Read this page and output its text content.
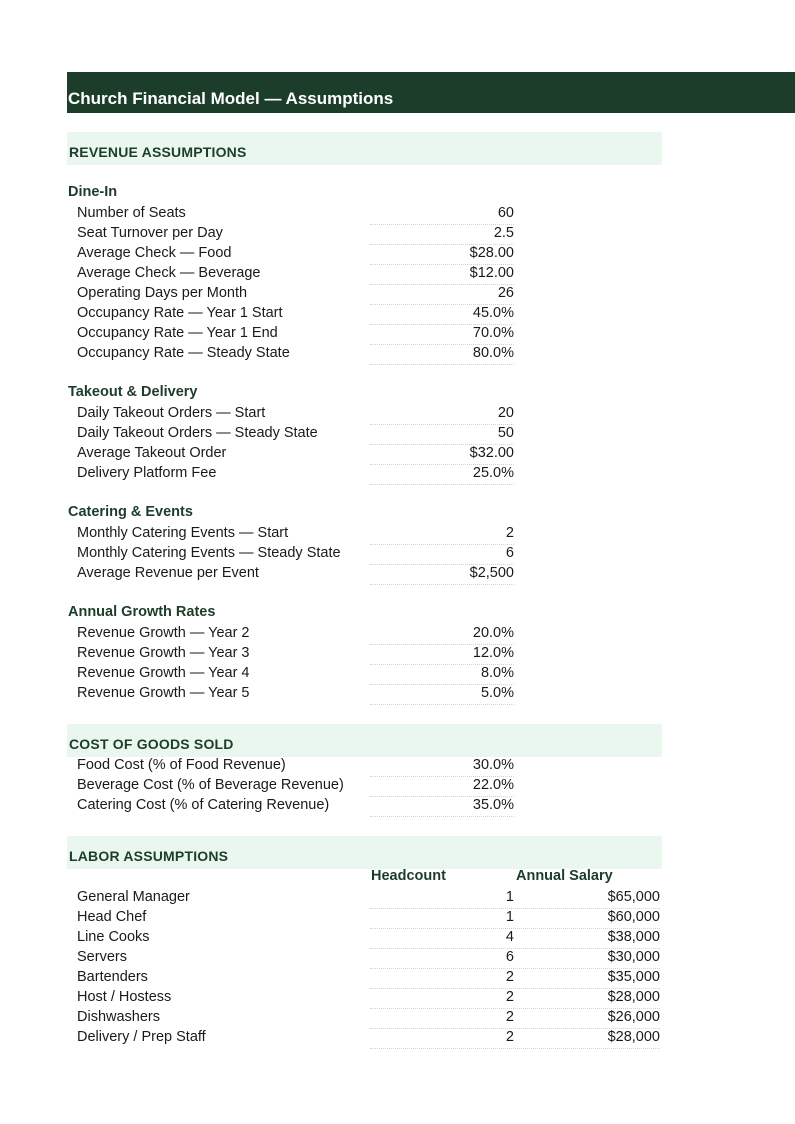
Church Financial Model — Assumptions
REVENUE ASSUMPTIONS
Dine-In
Number of Seats	60
Seat Turnover per Day	2.5
Average Check — Food	$28.00
Average Check — Beverage	$12.00
Operating Days per Month	26
Occupancy Rate — Year 1 Start	45.0%
Occupancy Rate — Year 1 End	70.0%
Occupancy Rate — Steady State	80.0%
Takeout & Delivery
Daily Takeout Orders — Start	20
Daily Takeout Orders — Steady State	50
Average Takeout Order	$32.00
Delivery Platform Fee	25.0%
Catering & Events
Monthly Catering Events — Start	2
Monthly Catering Events — Steady State	6
Average Revenue per Event	$2,500
Annual Growth Rates
Revenue Growth — Year 2	20.0%
Revenue Growth — Year 3	12.0%
Revenue Growth — Year 4	8.0%
Revenue Growth — Year 5	5.0%
COST OF GOODS SOLD
Food Cost (% of Food Revenue)	30.0%
Beverage Cost (% of Beverage Revenue)	22.0%
Catering Cost (% of Catering Revenue)	35.0%
LABOR ASSUMPTIONS
Headcount	Annual Salary
General Manager	1	$65,000
Head Chef	1	$60,000
Line Cooks	4	$38,000
Servers	6	$30,000
Bartenders	2	$35,000
Host / Hostess	2	$28,000
Dishwashers	2	$26,000
Delivery / Prep Staff	2	$28,000
